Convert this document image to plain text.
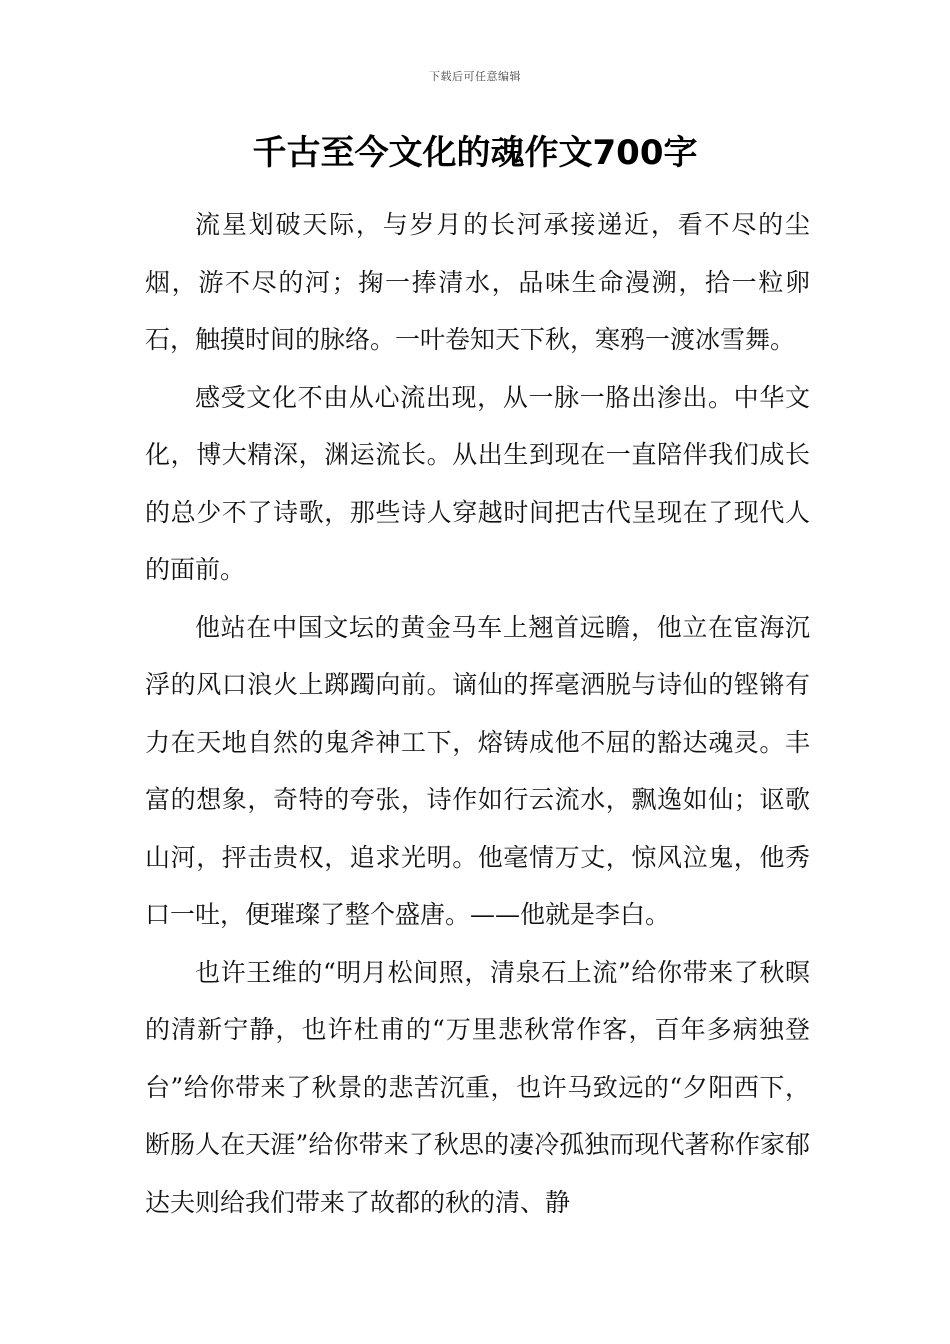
下载后可任意编辑
千古至今文化的魂作文700字

流星划破天际，与岁月的长河承接递近，看不尽的尘烟，游不尽的河；掬一捧清水，品味生命漫溯，拾一粒卵石，触摸时间的脉络。一叶卷知天下秋，寒鸦一渡冰雪舞。

感受文化不由从心流出现，从一脉一胳出渗出。中华文化，博大精深，渊运流长。从出生到现在一直陪伴我们成长的总少不了诗歌，那些诗人穿越时间把古代呈现在了现代人的面前。

他站在中国文坛的黄金马车上翘首远瞻，他立在宦海沉浮的风口浪火上踯躅向前。谪仙的挥毫洒脱与诗仙的铿锵有力在天地自然的鬼斧神工下，熔铸成他不屈的豁达魂灵。丰富的想象，奇特的夸张，诗作如行云流水，飘逸如仙；讴歌山河，抨击贵权，追求光明。他毫情万丈，惊风泣鬼，他秀口一吐，便璀璨了整个盛唐。——他就是李白。

也许王维的“明月松间照，清泉石上流”给你带来了秋暝的清新宁静，也许杜甫的“万里悲秋常作客，百年多病独登台”给你带来了秋景的悲苦沉重，也许马致远的“夕阳西下，断肠人在天涯”给你带来了秋思的凄冷孤独而现代著称作家郁达夫则给我们带来了故都的秋的清、静
